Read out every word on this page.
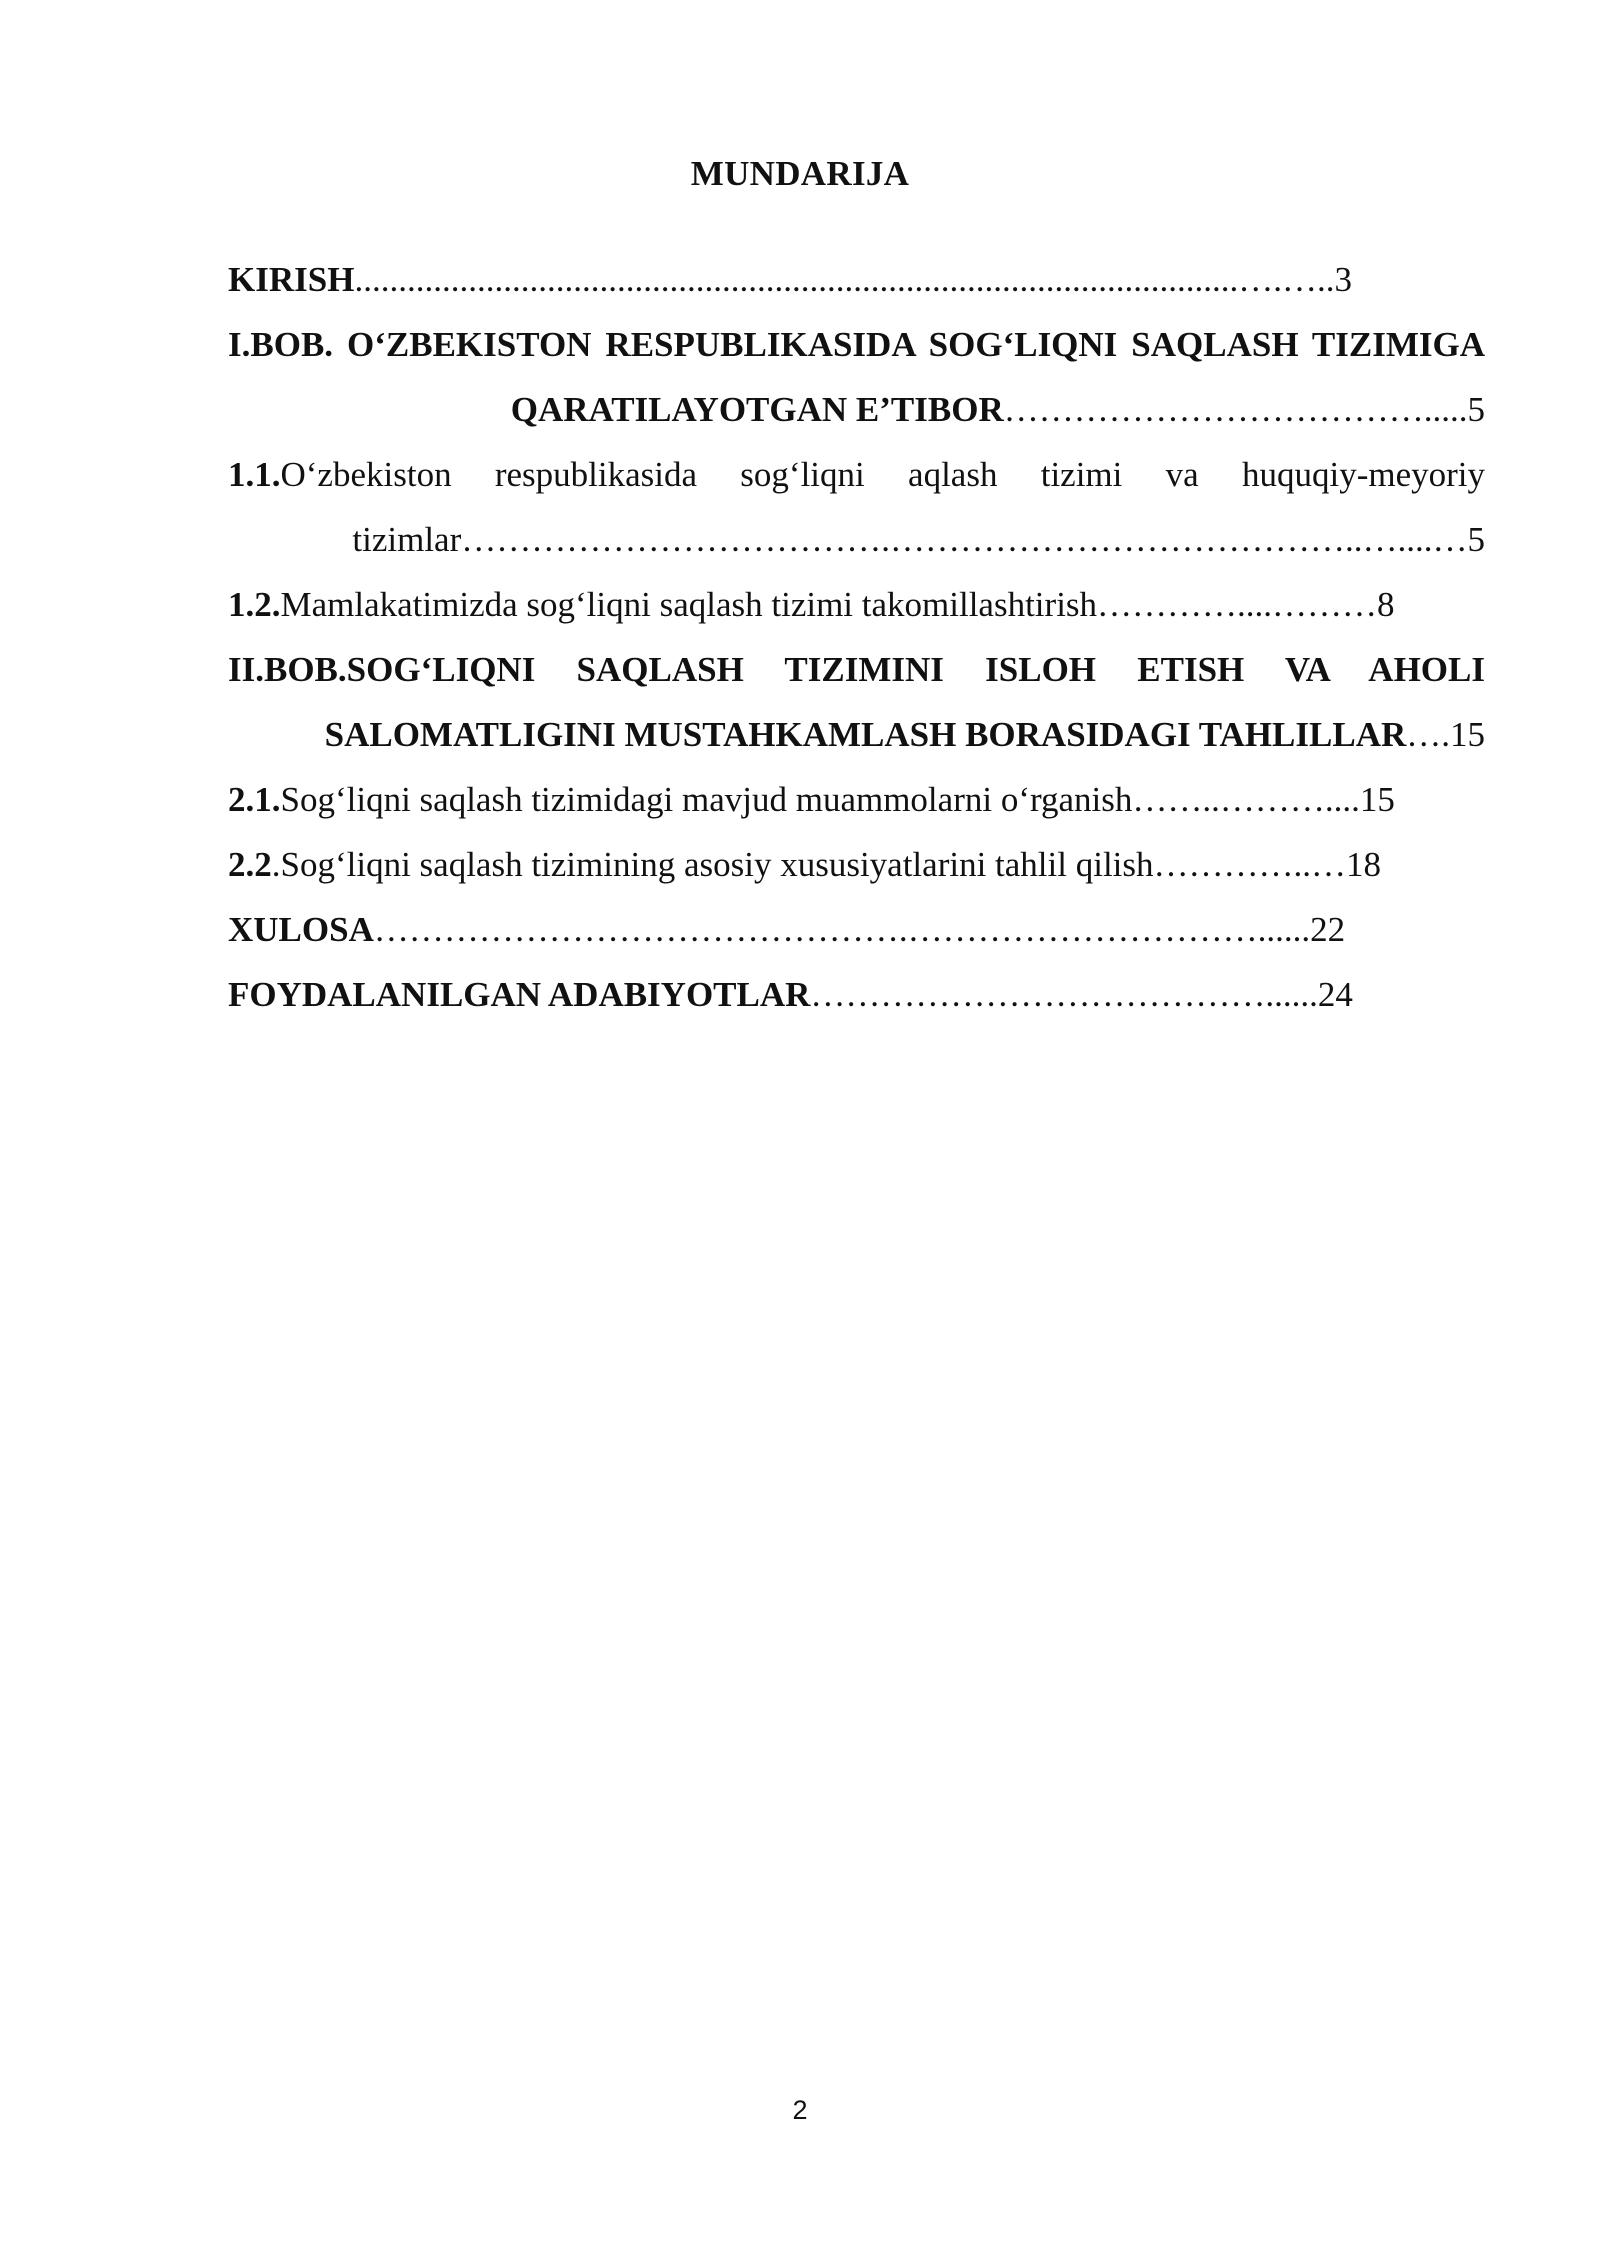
MUNDARIJA

KIRISH.....................................................................................................….…..3

I.BOB. O‘ZBEKISTON RESPUBLIKASIDA SOG‘LIQNI SAQLASH TIZIMIGA QARATILAYOTGAN E’TIBOR……………………………….....5

1.1.O‘zbekiston respublikasida sog‘liqni aqlash tizimi va huquqiy-meyoriy tizimlar……………………………….…………………………………..…....…5

1.2.Mamlakatimizda sog‘liqni saqlash tizimi takomillashtirish…………....………8

II.BOB.SOG‘LIQNI SAQLASH TIZIMINI ISLOH ETISH VA AHOLI SALOMATLIGINI MUSTAHKAMLASH BORASIDAGI TAHLILLAR….15

2.1.Sog‘liqni saqlash tizimidagi mavjud muammolarni o‘rganish……..………....15

2.2.Sog‘liqni saqlash tizimining asosiy xususiyatlarini tahlil qilish…………..…18

XULOSA……………………………………….…………………………......22

FOYDALANILGAN ADABIYOTLAR…………………………………......24

2
